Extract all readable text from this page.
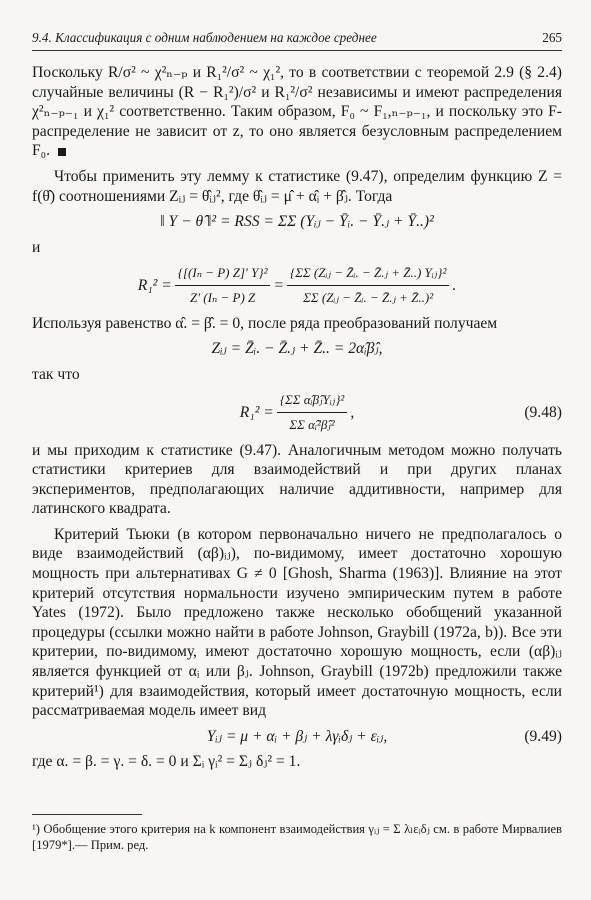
9.4. Классификация с одним наблюдением на каждое среднее	265

Поскольку R/σ² ~ χ²ₙ₋ₚ и R₁²/σ² ~ χ₁², то в соответствии с теоремой 2.9 (§ 2.4) случайные величины (R − R₁²)/σ² и R₁²/σ² независимы и имеют распределения χ²ₙ₋ₚ₋₁ и χ₁² соответственно. Таким образом, F₀ ~ F₁,ₙ₋ₚ₋₁, и поскольку это F-распределение не зависит от z, то оно является безусловным распределением F₀.

Чтобы применить эту лемму к статистике (9.47), определим функцию Z = f(θ̂) соотношениями Zᵢⱼ = θ̂ᵢⱼ², где θ̂ᵢⱼ = μ̂ + α̂ᵢ + β̂ⱼ. Тогда

‖ Y − θ̂ ‖² = RSS = ΣΣ (Yᵢⱼ − Ȳᵢ. − Ȳ.ⱼ + Ȳ..)²
и
$R_1^2 = \frac{\text{\{[(Iₙ − P) Z]′ Y\}²}}{\text{Z′ (Iₙ − P) Z}} = \frac{\text{\{ΣΣ (Zᵢⱼ − Z̄ᵢ. − Z̄.ⱼ + Z̄..) Yᵢⱼ\}²}}{\text{ΣΣ (Zᵢⱼ − Z̄ᵢ. − Z̄.ⱼ + Z̄..)²}}$ .

Используя равенство α̂. = β̂. = 0, после ряда преобразований получаем

Zᵢⱼ = Z̄ᵢ. − Z̄.ⱼ + Z̄.. = 2α̂ᵢβ̂ⱼ,
так что
$R_1^2 = \frac{\text{\{ΣΣ α̂ᵢβ̂ⱼYᵢⱼ\}²}}{\text{ΣΣ α̂ᵢ²β̂ⱼ²}}$ ,	(9.48)

и мы приходим к статистике (9.47). Аналогичным методом можно получать статистики критериев для взаимодействий и при других планах экспериментов, предполагающих наличие аддитивности, например для латинского квадрата.

Критерий Тьюки (в котором первоначально ничего не предполагалось о виде взаимодействий (αβ)ᵢⱼ), по-видимому, имеет достаточно хорошую мощность при альтернативах G ≠ 0 [Ghosh, Sharma (1963)]. Влияние на этот критерий отсутствия нормальности изучено эмпирическим путем в работе Yates (1972). Было предложено также несколько обобщений указанной процедуры (ссылки можно найти в работе Johnson, Graybill (1972a, b)). Все эти критерии, по-видимому, имеют достаточно хорошую мощность, если (αβ)ᵢⱼ является функцией от αᵢ или βⱼ. Johnson, Graybill (1972b) предложили также критерий¹) для взаимодействия, который имеет достаточную мощность, если рассматриваемая модель имеет вид

Yᵢⱼ = μ + αᵢ + βⱼ + λγᵢδⱼ + εᵢⱼ,	(9.49)

где α. = β. = γ. = δ. = 0 и Σᵢ γᵢ² = Σⱼ δⱼ² = 1.

¹) Обобщение этого критерия на k компонент взаимодействия γᵢⱼ = Σ λₗεᵢδⱼ см. в работе Мирвалиев [1979*].— Прим. ред.
